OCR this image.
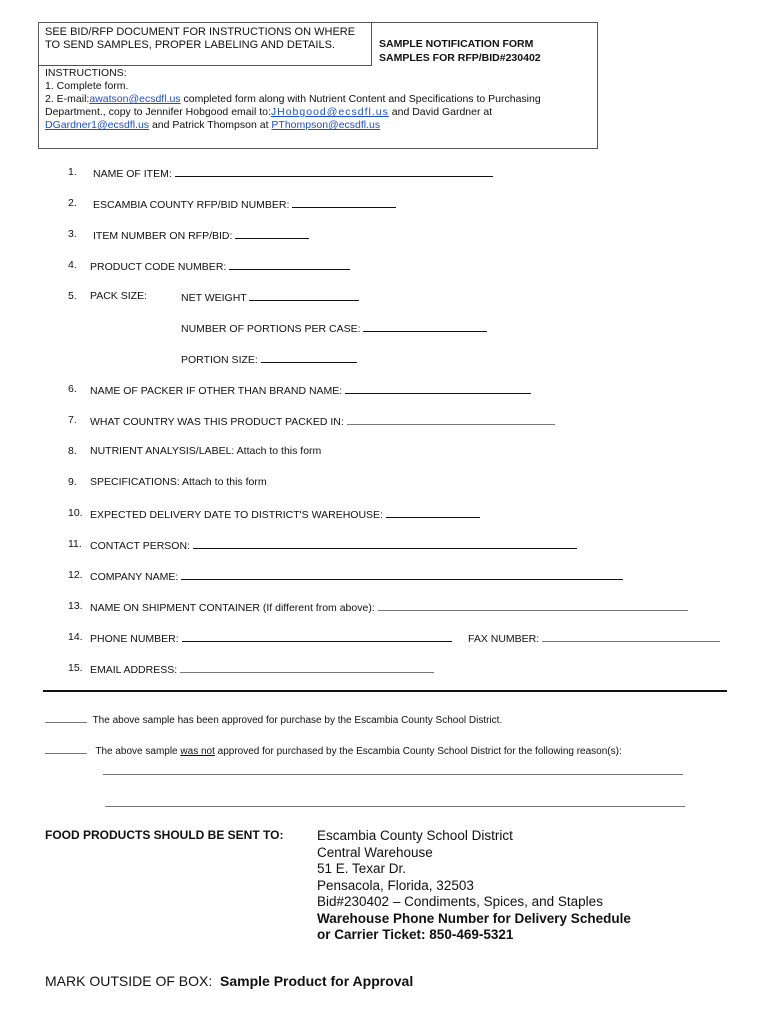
SEE BID/RFP DOCUMENT FOR INSTRUCTIONS ON WHERE
TO SEND SAMPLES, PROPER LABELING AND DETAILS.	SAMPLE NOTIFICATION FORM
SAMPLES FOR RFP/BID#230402
INSTRUCTIONS:
1. Complete form.
2. E-mail:awatson@ecsdfl.us completed form along with Nutrient Content and Specifications to Purchasing
Department., copy to Jennifer Hobgood email to:JHobgood@ecsdfl.us and David Gardner at
DGardner1@ecsdfl.us and Patrick Thompson at PThompson@ecsdfl.us
1. NAME OF ITEM:
2. ESCAMBIA COUNTY RFP/BID NUMBER:
3. ITEM NUMBER ON RFP/BID:
4. PRODUCT CODE NUMBER:
5. PACK SIZE:	NET WEIGHT
NUMBER OF PORTIONS PER CASE:
PORTION SIZE:
6. NAME OF PACKER IF OTHER THAN BRAND NAME:
7. WHAT COUNTRY WAS THIS PRODUCT PACKED IN:
8. NUTRIENT ANALYSIS/LABEL: Attach to this form
9. SPECIFICATIONS: Attach to this form
10. EXPECTED DELIVERY DATE TO DISTRICT'S WAREHOUSE:
11. CONTACT PERSON:
12. COMPANY NAME:
13. NAME ON SHIPMENT CONTAINER (If different from above):
14. PHONE NUMBER:	FAX NUMBER:
15. EMAIL ADDRESS:
The above sample has been approved for purchase by the Escambia County School District.
The above sample was not approved for purchased by the Escambia County School District for the following reason(s):
FOOD PRODUCTS SHOULD BE SENT TO: Escambia County School District
Central Warehouse
51 E. Texar Dr.
Pensacola, Florida, 32503
Bid#230402 – Condiments, Spices, and Staples
Warehouse Phone Number for Delivery Schedule
or Carrier Ticket: 850-469-5321
MARK OUTSIDE OF BOX: Sample Product for Approval
